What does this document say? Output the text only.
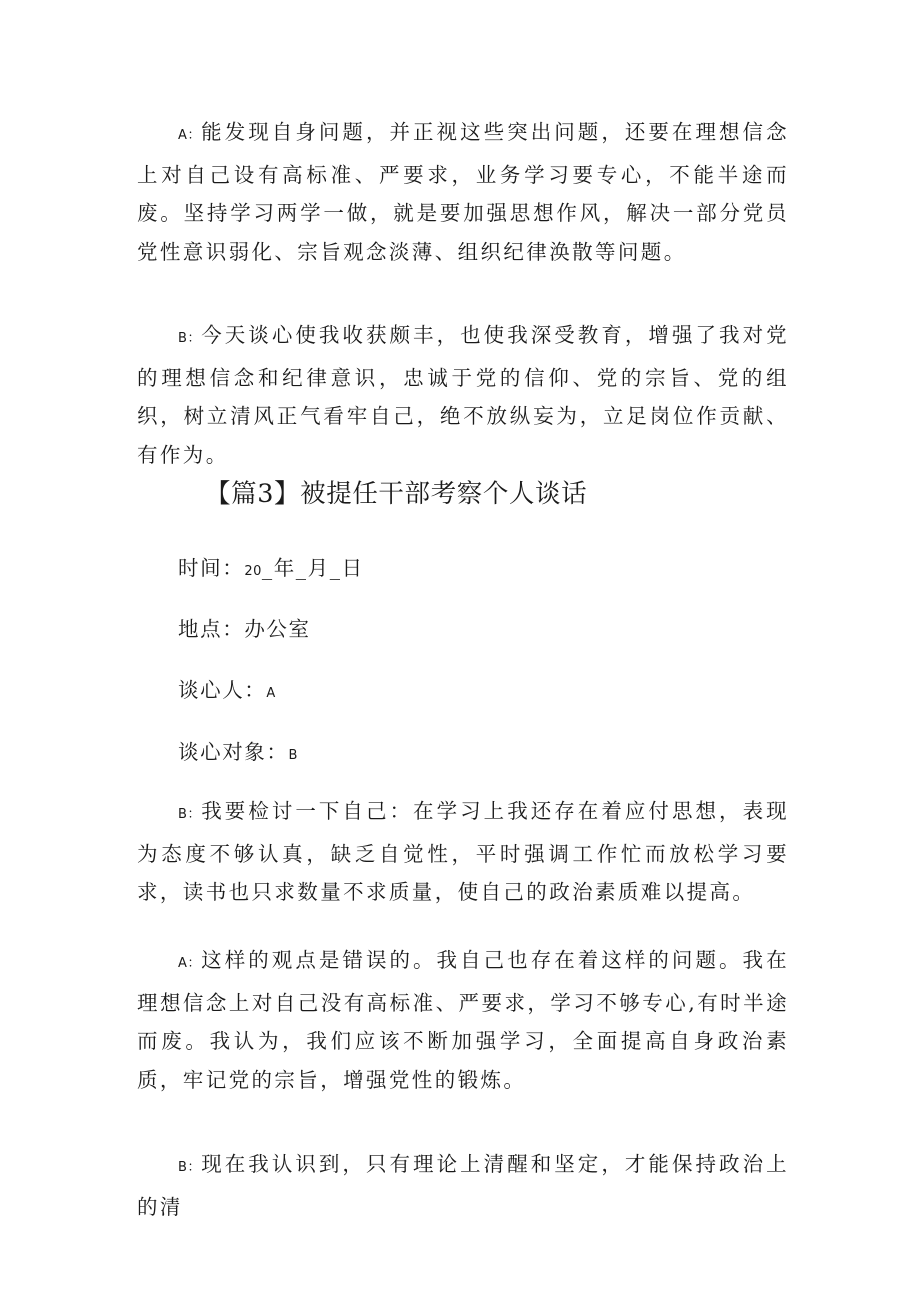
A：能发现自身问题，并正视这些突出问题，还要在理想信念上对自己设有高标准、严要求，业务学习要专心，不能半途而废。坚持学习两学一做，就是要加强思想作风，解决一部分党员党性意识弱化、宗旨观念淡薄、组织纪律涣散等问题。

B：今天谈心使我收获颇丰，也使我深受教育，增强了我对党的理想信念和纪律意识，忠诚于党的信仰、党的宗旨、党的组织，树立清风正气看牢自己，绝不放纵妄为，立足岗位作贡献、有作为。

【篇3】被提任干部考察个人谈话

时间：20_年_月_日

地点：办公室

谈心人：A

谈心对象：B

B：我要检讨一下自己：在学习上我还存在着应付思想，表现为态度不够认真，缺乏自觉性，平时强调工作忙而放松学习要求，读书也只求数量不求质量，使自己的政治素质难以提高。

A：这样的观点是错误的。我自己也存在着这样的问题。我在理想信念上对自己没有高标准、严要求，学习不够专心,有时半途而废。我认为，我们应该不断加强学习，全面提高自身政治素质，牢记党的宗旨，增强党性的锻炼。

B：现在我认识到，只有理论上清醒和坚定，才能保持政治上的清
